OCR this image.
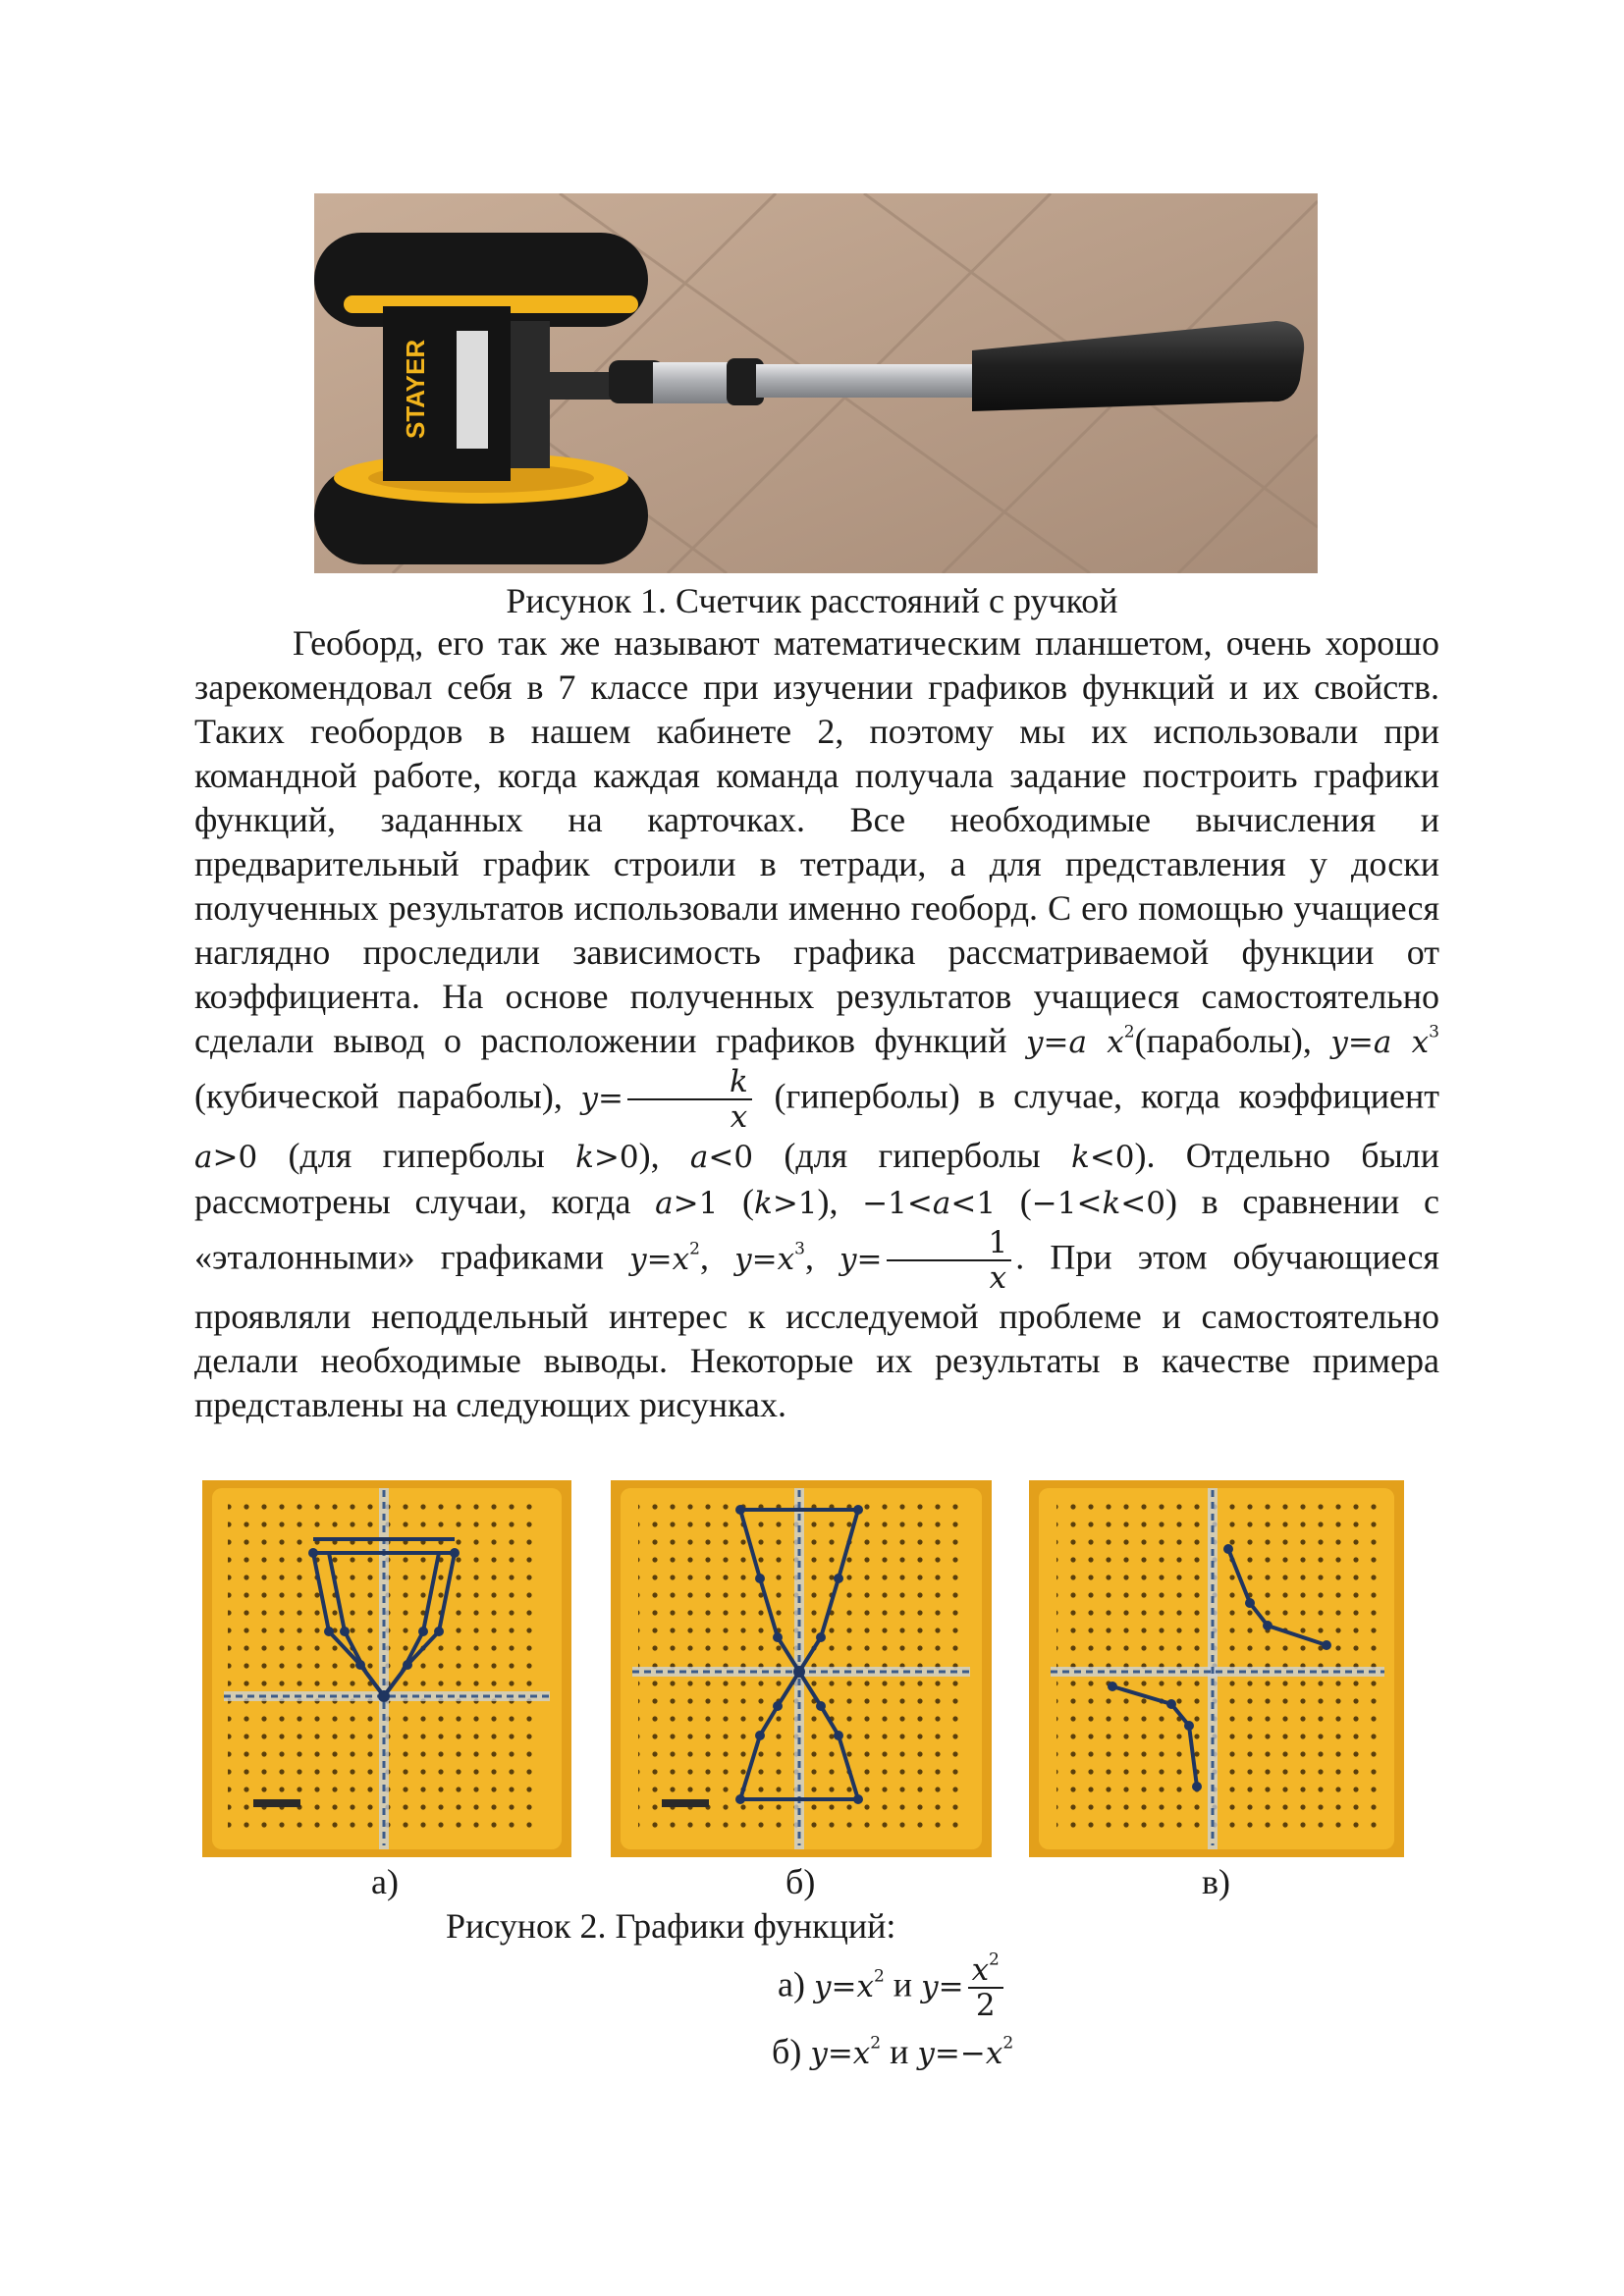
STAYER
Рисунок 1. Счетчик расстояний с ручкой

Геоборд, его так же называют математическим планшетом, очень хорошо зарекомендовал себя в 7 классе при изучении графиков функций и их свойств. Таких геобордов в нашем кабинете 2, поэтому мы их использовали при командной работе, когда каждая команда получала задание построить графики функций, заданных на карточках. Все необходимые вычисления и предварительный график строили в тетради, а для представления у доски полученных результатов использовали именно геоборд. С его помощью учащиеся наглядно проследили зависимость графика рассматриваемой функции от коэффициента. На основе полученных результатов учащиеся самостоятельно сделали вывод о расположении графиков функций y=a $x^2(параболы)$, y=a $x^3$ (кубической параболы), $y= \frac{k}{x}$ (гиперболы) в случае, когда коэффициент a>0 (для гиперболы k>0), a<0 (для гиперболы k<0). Отдельно были рассмотрены случаи, когда a>1 (k>1), −1<a<1 (−1<k<0) в сравнении с «эталонными» графиками $y=x^2$, $y=x^3$, $y= \frac{1}{x}$ . При этом обучающиеся проявляли неподдельный интерес к исследуемой проблеме и самостоятельно делали необходимые выводы. Некоторые их результаты в качестве примера представлены на следующих рисунках.

а)	б)	в)
Рисунок 2. Графики функций:
а) $y=x^2$ и $y= \frac{x^2}{2}$
б) $y=x^2$ и $y=-x^2$
